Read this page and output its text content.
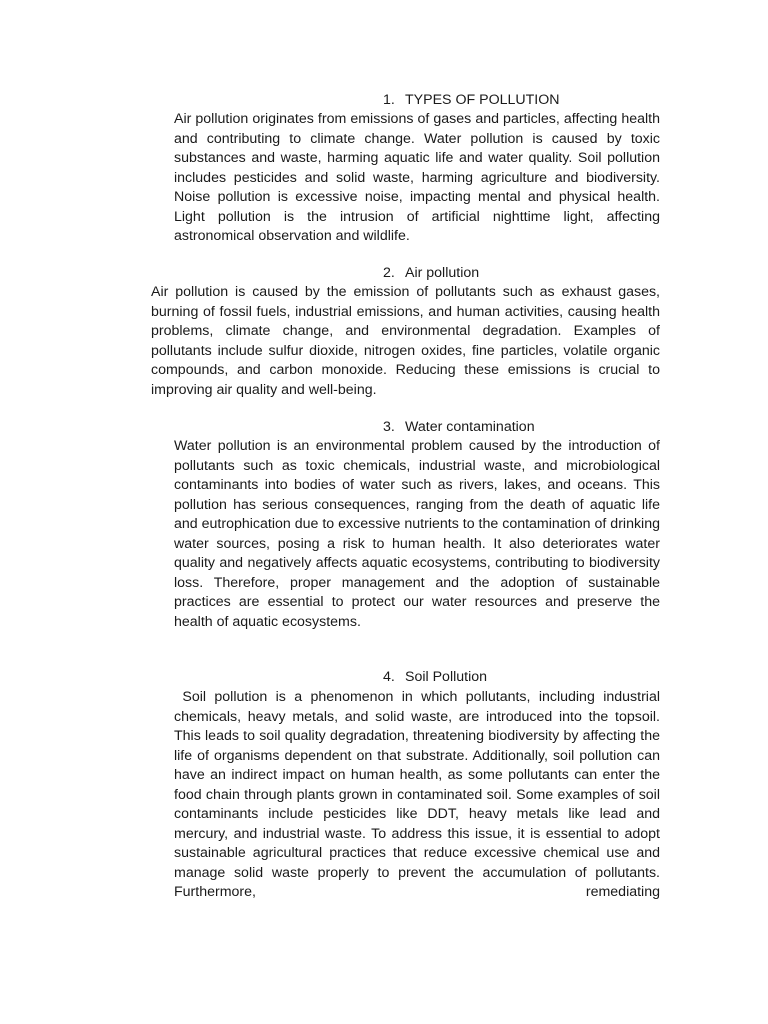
1. TYPES OF POLLUTION
Air pollution originates from emissions of gases and particles, affecting health and contributing to climate change. Water pollution is caused by toxic substances and waste, harming aquatic life and water quality. Soil pollution includes pesticides and solid waste, harming agriculture and biodiversity. Noise pollution is excessive noise, impacting mental and physical health. Light pollution is the intrusion of artificial nighttime light, affecting astronomical observation and wildlife.
2. Air pollution
Air pollution is caused by the emission of pollutants such as exhaust gases, burning of fossil fuels, industrial emissions, and human activities, causing health problems, climate change, and environmental degradation. Examples of pollutants include sulfur dioxide, nitrogen oxides, fine particles, volatile organic compounds, and carbon monoxide. Reducing these emissions is crucial to improving air quality and well-being.
3. Water contamination
Water pollution is an environmental problem caused by the introduction of pollutants such as toxic chemicals, industrial waste, and microbiological contaminants into bodies of water such as rivers, lakes, and oceans. This pollution has serious consequences, ranging from the death of aquatic life and eutrophication due to excessive nutrients to the contamination of drinking water sources, posing a risk to human health. It also deteriorates water quality and negatively affects aquatic ecosystems, contributing to biodiversity loss. Therefore, proper management and the adoption of sustainable practices are essential to protect our water resources and preserve the health of aquatic ecosystems.
4. Soil Pollution
Soil pollution is a phenomenon in which pollutants, including industrial chemicals, heavy metals, and solid waste, are introduced into the topsoil. This leads to soil quality degradation, threatening biodiversity by affecting the life of organisms dependent on that substrate. Additionally, soil pollution can have an indirect impact on human health, as some pollutants can enter the food chain through plants grown in contaminated soil. Some examples of soil contaminants include pesticides like DDT, heavy metals like lead and mercury, and industrial waste. To address this issue, it is essential to adopt sustainable agricultural practices that reduce excessive chemical use and manage solid waste properly to prevent the accumulation of pollutants. Furthermore, remediating
